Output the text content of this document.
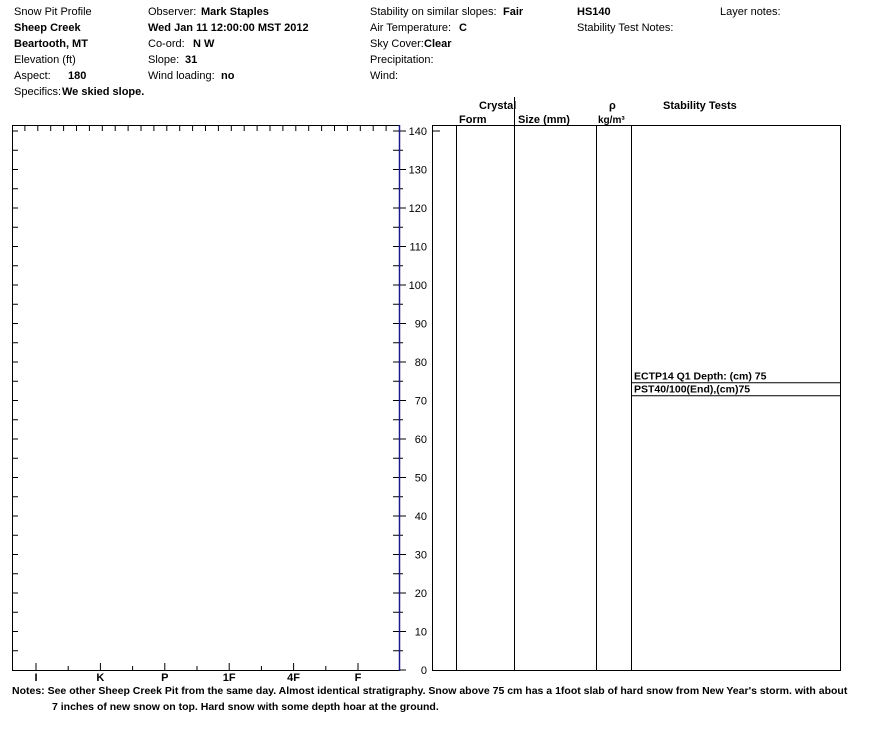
Snow Pit Profile
Sheep Creek
Beartooth, MT
Elevation (ft)
Aspect: 180
Specifics: We skied slope.
Observer: Mark Staples
Wed Jan 11 12:00:00 MST 2012
Co-ord: N W
Slope: 31
Wind loading: no
Stability on similar slopes: Fair
Air Temperature: C
Sky Cover: Clear
Precipitation:
Wind:
HS140
Stability Test Notes:
Layer notes:
I	K	P	1F	4F	F
140
130
120
110
100
90
80
70
60
50
40
30
20
10
0
ECTP14 Q1 Depth: (cm) 75
PST40/100(End),(cm)75
Crystal
Form	Size (mm)
ρ
kg/m³
Stability Tests
Notes: See other Sheep Creek Pit from the same day. Almost identical stratigraphy. Snow above 75 cm has a 1foot slab of hard snow from New Year's storm. with about
7 inches of new snow on top. Hard snow with some depth hoar at the ground.
